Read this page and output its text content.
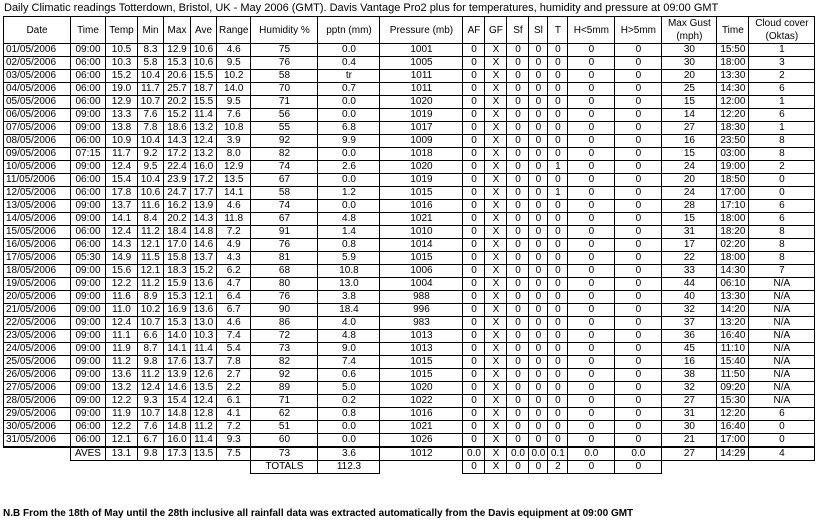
Daily Climatic readings Totterdown, Bristol, UK - May 2006 (GMT). Davis Vantage Pro2 plus for temperatures, humidity and pressure at 09:00 GMT
Date	Time	Temp	Min	Max	Ave	Range	Humidity %	pptn (mm)	Pressure (mb)	AF	GF	Sf	Sl	T	H<5mm	H>5mm	Max Gust	Time	Cloud cover
																	(mph)		(Oktas)
01/05/2006	09:00	10.5	8.3	12.9	10.6	4.6	75	0.0	1001	0	X	0	0	0	0	0	30	15:50	1
02/05/2006	06:00	10.3	5.8	15.3	10.6	9.5	76	0.4	1005	0	X	0	0	0	0	0	30	18:00	3
03/05/2006	06:00	15.2	10.4	20.6	15.5	10.2	58	tr	1011	0	X	0	0	0	0	0	20	13:30	2
04/05/2006	06:00	19.0	11.7	25.7	18.7	14.0	70	0.7	1011	0	X	0	0	0	0	0	25	14:30	6
05/05/2006	06:00	12.9	10.7	20.2	15.5	9.5	71	0.0	1020	0	X	0	0	0	0	0	15	12:00	1
06/05/2006	09:00	13.3	7.6	15.2	11.4	7.6	56	0.0	1019	0	X	0	0	0	0	0	14	12:20	6
07/05/2006	09:00	13.8	7.8	18.6	13.2	10.8	55	6.8	1017	0	X	0	0	0	0	0	27	18:30	1
08/05/2006	06:00	10.9	10.4	14.3	12.4	3.9	92	9.9	1009	0	X	0	0	0	0	0	16	23:50	8
09/05/2006	07:15	11.7	9.2	17.2	13.2	8.0	82	0.0	1018	0	X	0	0	0	0	0	15	03:00	8
10/05/2006	09:00	12.4	9.5	22.4	16.0	12.9	74	2.6	1020	0	X	0	0	1	0	0	24	19:00	2
11/05/2006	06:00	15.4	10.4	23.9	17.2	13.5	67	0.0	1019	0	X	0	0	0	0	0	20	18:50	0
12/05/2006	06:00	17.8	10.6	24.7	17.7	14.1	58	1.2	1015	0	X	0	0	1	0	0	24	17:00	0
13/05/2006	09:00	13.7	11.6	16.2	13.9	4.6	74	0.0	1016	0	X	0	0	0	0	0	28	17:10	6
14/05/2006	09:00	14.1	8.4	20.2	14.3	11.8	67	4.8	1021	0	X	0	0	0	0	0	15	18:00	6
15/05/2006	06:00	12.4	11.2	18.4	14.8	7.2	91	1.4	1010	0	X	0	0	0	0	0	31	18:20	8
16/05/2006	06:00	14.3	12.1	17.0	14.6	4.9	76	0.8	1014	0	X	0	0	0	0	0	17	02:20	8
17/05/2006	05:30	14.9	11.5	15.8	13.7	4.3	81	5.9	1015	0	X	0	0	0	0	0	22	18:00	8
18/05/2006	09:00	15.6	12.1	18.3	15.2	6.2	68	10.8	1006	0	X	0	0	0	0	0	33	14:30	7
19/05/2006	09:00	12.2	11.2	15.9	13.6	4.7	80	13.0	1004	0	X	0	0	0	0	0	44	06:10	N/A
20/05/2006	09:00	11.6	8.9	15.3	12.1	6.4	76	3.8	988	0	X	0	0	0	0	0	40	13:30	N/A
21/05/2006	09:00	11.0	10.2	16.9	13.6	6.7	90	18.4	996	0	X	0	0	0	0	0	32	14:20	N/A
22/05/2006	09:00	12.4	10.7	15.3	13.0	4.6	86	4.0	983	0	X	0	0	0	0	0	37	13:20	N/A
23/05/2006	09:00	11.1	6.6	14.0	10.3	7.4	72	4.8	1013	0	X	0	0	0	0	0	36	16:40	N/A
24/05/2006	09:00	11.9	8.7	14.1	11.4	5.4	73	9.0	1013	0	X	0	0	0	0	0	45	11:10	N/A
25/05/2006	09:00	11.2	9.8	17.6	13.7	7.8	82	7.4	1015	0	X	0	0	0	0	0	16	15:40	N/A
26/05/2006	09:00	13.6	11.2	13.9	12.6	2.7	92	0.6	1015	0	X	0	0	0	0	0	38	11:50	N/A
27/05/2006	09:00	13.2	12.4	14.6	13.5	2.2	89	5.0	1020	0	X	0	0	0	0	0	32	09:20	N/A
28/05/2006	09:00	12.2	9.3	15.4	12.4	6.1	71	0.2	1022	0	X	0	0	0	0	0	27	15:30	N/A
29/05/2006	09:00	11.9	10.7	14.8	12.8	4.1	62	0.8	1016	0	X	0	0	0	0	0	31	12:20	6
30/05/2006	06:00	12.2	7.6	14.8	11.2	7.2	51	0.0	1021	0	X	0	0	0	0	0	30	16:40	0
31/05/2006	06:00	12.1	6.7	16.0	11.4	9.3	60	0.0	1026	0	X	0	0	0	0	0	21	17:00	0
	AVES	13.1	9.8	17.3	13.5	7.5	73	3.6	1012	0.0	X	0.0	0.0	0.1	0.0	0.0	27	14:29	4
							TOTALS	112.3		0	X	0	0	2	0	0			
N.B From the 18th of May until the 28th inclusive all rainfall data was extracted automatically from the Davis equipment at 09:00 GMT
